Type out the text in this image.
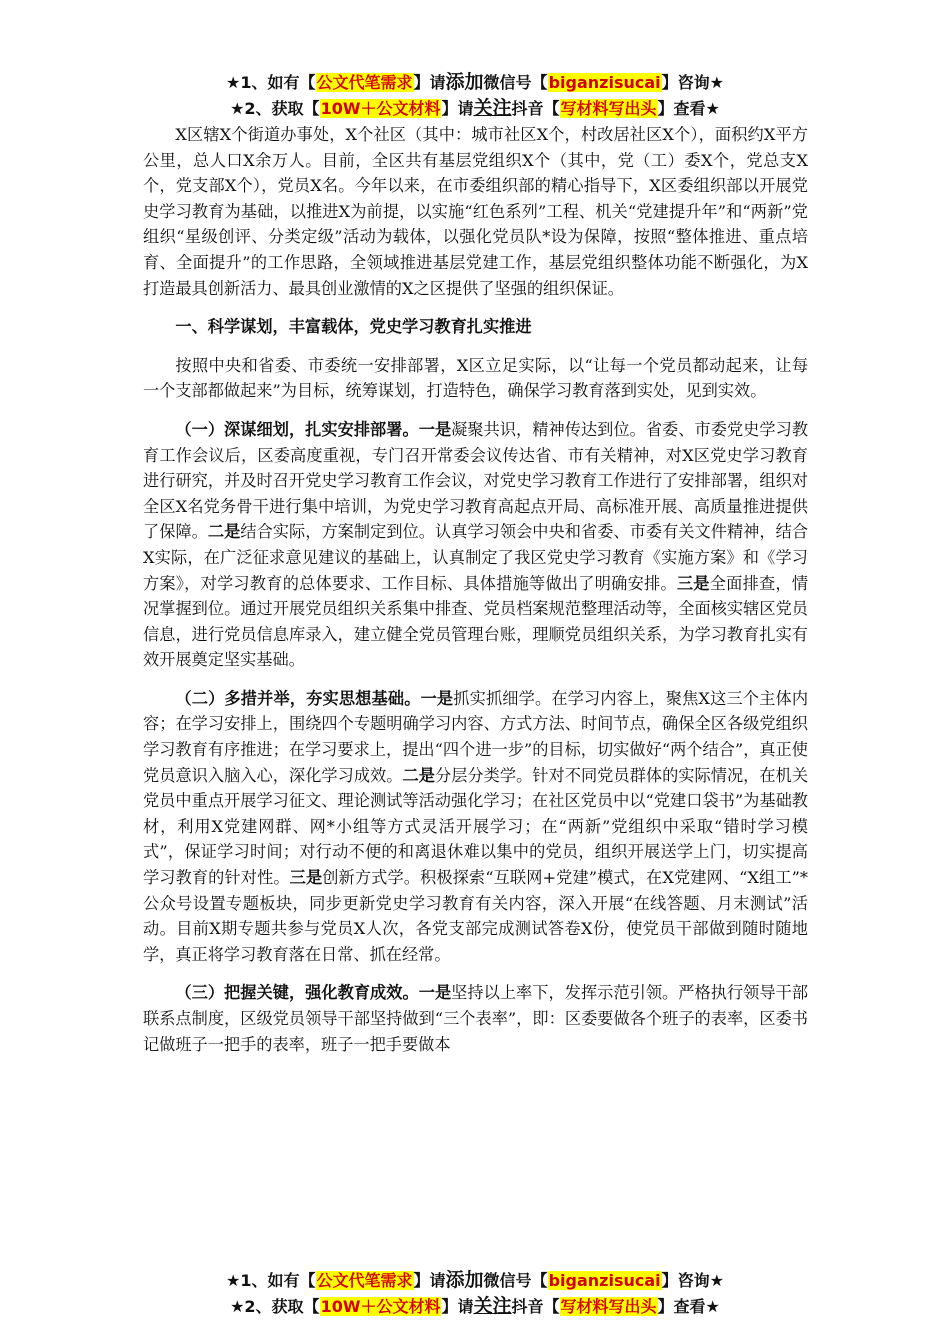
★1、如有【公文代笔需求】请添加微信号【biganzisucai】咨询★
★2、获取【10W＋公文材料】请关注抖音【写材料写出头】查看★

X区辖X个街道办事处，X个社区（其中：城市社区X个，村改居社区X个），面积约X平方公里，总人口X余万人。目前，全区共有基层党组织X个（其中，党（工）委X个，党总支X个，党支部X个），党员X名。今年以来，在市委组织部的精心指导下，X区委组织部以开展党史学习教育为基础，以推进X为前提，以实施“红色系列”工程、机关“党建提升年”和“两新”党组织“星级创评、分类定级”活动为载体，以强化党员队*设为保障，按照“整体推进、重点培育、全面提升”的工作思路，全领域推进基层党建工作，基层党组织整体功能不断强化，为X打造最具创新活力、最具创业激情的X之区提供了坚强的组织保证。

一、科学谋划，丰富载体，党史学习教育扎实推进

按照中央和省委、市委统一安排部署，X区立足实际，以“让每一个党员都动起来，让每一个支部都做起来”为目标，统筹谋划，打造特色，确保学习教育落到实处，见到实效。

（一）深谋细划，扎实安排部署。一是凝聚共识，精神传达到位。省委、市委党史学习教育工作会议后，区委高度重视，专门召开常委会议传达省、市有关精神，对X区党史学习教育进行研究，并及时召开党史学习教育工作会议，对党史学习教育工作进行了安排部署，组织对全区X名党务骨干进行集中培训，为党史学习教育高起点开局、高标准开展、高质量推进提供了保障。二是结合实际，方案制定到位。认真学习领会中央和省委、市委有关文件精神，结合X实际，在广泛征求意见建议的基础上，认真制定了我区党史学习教育《实施方案》和《学习方案》，对学习教育的总体要求、工作目标、具体措施等做出了明确安排。三是全面排查，情况掌握到位。通过开展党员组织关系集中排查、党员档案规范整理活动等，全面核实辖区党员信息，进行党员信息库录入，建立健全党员管理台账，理顺党员组织关系，为学习教育扎实有效开展奠定坚实基础。

（二）多措并举，夯实思想基础。一是抓实抓细学。在学习内容上，聚焦X这三个主体内容；在学习安排上，围绕四个专题明确学习内容、方式方法、时间节点，确保全区各级党组织学习教育有序推进；在学习要求上，提出“四个进一步”的目标，切实做好“两个结合”，真正使党员意识入脑入心，深化学习成效。二是分层分类学。针对不同党员群体的实际情况，在机关党员中重点开展学习征文、理论测试等活动强化学习；在社区党员中以“党建口袋书”为基础教材，利用X党建网群、网*小组等方式灵活开展学习；在“两新”党组织中采取“错时学习模式”，保证学习时间；对行动不便的和离退休难以集中的党员，组织开展送学上门，切实提高学习教育的针对性。三是创新方式学。积极探索“互联网+党建”模式，在X党建网、“X组工”*公众号设置专题板块，同步更新党史学习教育有关内容，深入开展“在线答题、月末测试”活动。目前X期专题共参与党员X人次，各党支部完成测试答卷X份，使党员干部做到随时随地学，真正将学习教育落在日常、抓在经常。

（三）把握关键，强化教育成效。一是坚持以上率下，发挥示范引领。严格执行领导干部联系点制度，区级党员领导干部坚持做到“三个表率”，即：区委要做各个班子的表率，区委书记做班子一把手的表率，班子一把手要做本

★1、如有【公文代笔需求】请添加微信号【biganzisucai】咨询★
★2、获取【10W＋公文材料】请关注抖音【写材料写出头】查看★
